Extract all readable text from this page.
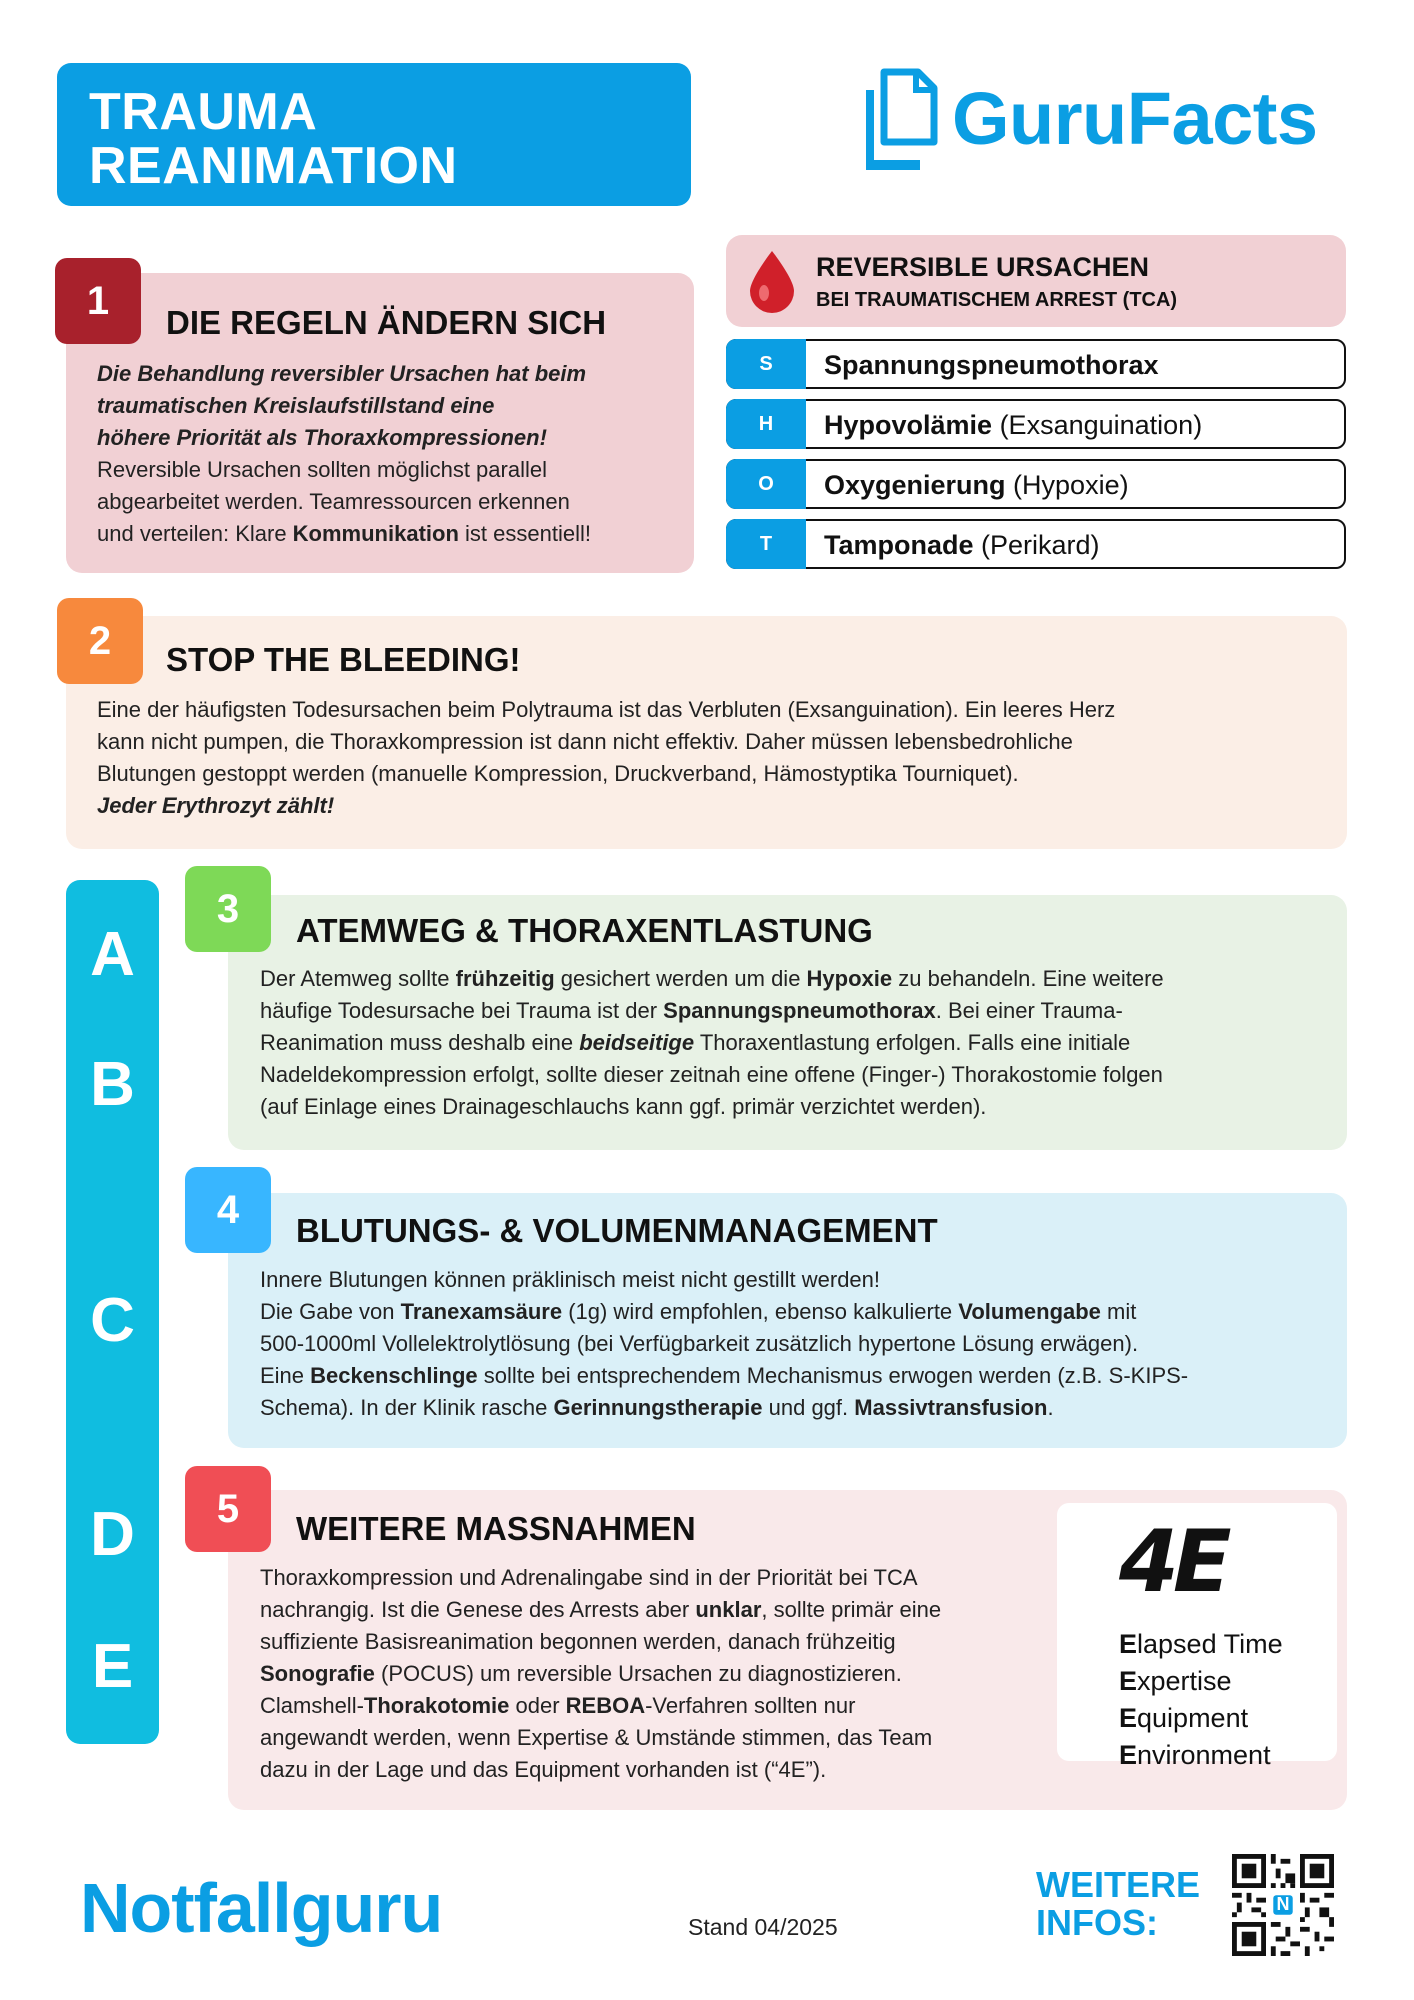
TRAUMA
REANIMATION
GuruFacts
1	DIE REGELN ÄNDERN SICH

Die Behandlung reversibler Ursachen hat beim

traumatischen Kreislaufstillstand eine

höhere Priorität als Thoraxkompressionen!

Reversible Ursachen sollten möglichst parallel

abgearbeitet werden. Teamressourcen erkennen

und verteilen: Klare Kommunikation ist essentiell!

REVERSIBLE URSACHEN
BEI TRAUMATISCHEM ARREST (TCA)
S	Spannungspneumothorax
H	Hypovolämie (Exsanguination)
O	Oxygenierung (Hypoxie)
T	Tamponade (Perikard)
2	STOP THE BLEEDING!

Eine der häufigsten Todesursachen beim Polytrauma ist das Verbluten (Exsanguination). Ein leeres Herz

kann nicht pumpen, die Thoraxkompression ist dann nicht effektiv. Daher müssen lebensbedrohliche

Blutungen gestoppt werden (manuelle Kompression, Druckverband, Hämostyptika Tourniquet).

Jeder Erythrozyt zählt!

A
B
C
D
E
3	ATEMWEG & THORAXENTLASTUNG

Der Atemweg sollte frühzeitig gesichert werden um die Hypoxie zu behandeln. Eine weitere

häufige Todesursache bei Trauma ist der Spannungspneumothorax. Bei einer Trauma-

Reanimation muss deshalb eine beidseitige Thoraxentlastung erfolgen. Falls eine initiale

Nadeldekompression erfolgt, sollte dieser zeitnah eine offene (Finger-) Thorakostomie folgen

(auf Einlage eines Drainageschlauchs kann ggf. primär verzichtet werden).

4	BLUTUNGS- & VOLUMENMANAGEMENT

Innere Blutungen können präklinisch meist nicht gestillt werden!

Die Gabe von Tranexamsäure (1g) wird empfohlen, ebenso kalkulierte Volumengabe mit

500-1000ml Vollelektrolytlösung (bei Verfügbarkeit zusätzlich hypertone Lösung erwägen).

Eine Beckenschlinge sollte bei entsprechendem Mechanismus erwogen werden (z.B. S-KIPS-

Schema). In der Klinik rasche Gerinnungstherapie und ggf. Massivtransfusion.

5	WEITERE MASSNAHMEN

Thoraxkompression und Adrenalingabe sind in der Priorität bei TCA

nachrangig. Ist die Genese des Arrests aber unklar, sollte primär eine

suffiziente Basisreanimation begonnen werden, danach frühzeitig

Sonografie (POCUS) um reversible Ursachen zu diagnostizieren.

Clamshell-Thorakotomie oder REBOA-Verfahren sollten nur

angewandt werden, wenn Expertise & Umstände stimmen, das Team

dazu in der Lage und das Equipment vorhanden ist (“4E”).

4E
Elapsed Time
Expertise
Equipment
Environment
Notfallguru	Stand 04/2025
WEITERE
INFOS:	N
